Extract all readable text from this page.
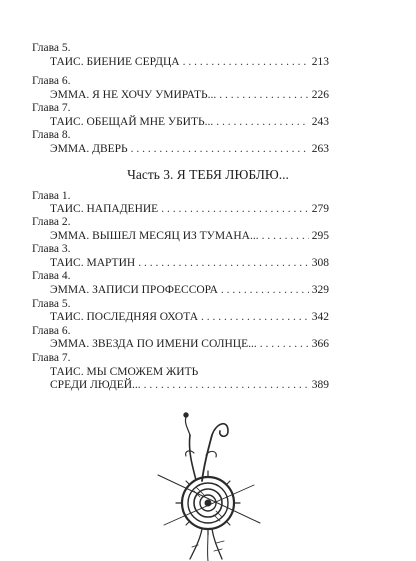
Глава 5.
ТАИС. БИЕНИЕ СЕРДЦА . . .	213
Глава 6.
ЭММА. Я НЕ ХОЧУ УМИРАТЬ... . . .	226
Глава 7.
ТАИС. ОБЕЩАЙ МНЕ УБИТЬ... . . .	243
Глава 8.
ЭММА. ДВЕРЬ . . .	263
Часть 3. Я ТЕБЯ ЛЮБЛЮ...
Глава 1.
ТАИС. НАПАДЕНИЕ . . .	279
Глава 2.
ЭММА. ВЫШЕЛ МЕСЯЦ ИЗ ТУМАНА... . . .	295
Глава 3.
ТАИС. МАРТИН . . .	308
Глава 4.
ЭММА. ЗАПИСИ ПРОФЕССОРА . . .	329
Глава 5.
ТАИС. ПОСЛЕДНЯЯ ОХОТА . . .	342
Глава 6.
ЭММА. ЗВЕЗДА ПО ИМЕНИ СОЛНЦЕ... . . .	366
Глава 7.
ТАИС. МЫ СМОЖЕМ ЖИТЬ
СРЕДИ ЛЮДЕЙ... . . .	389
